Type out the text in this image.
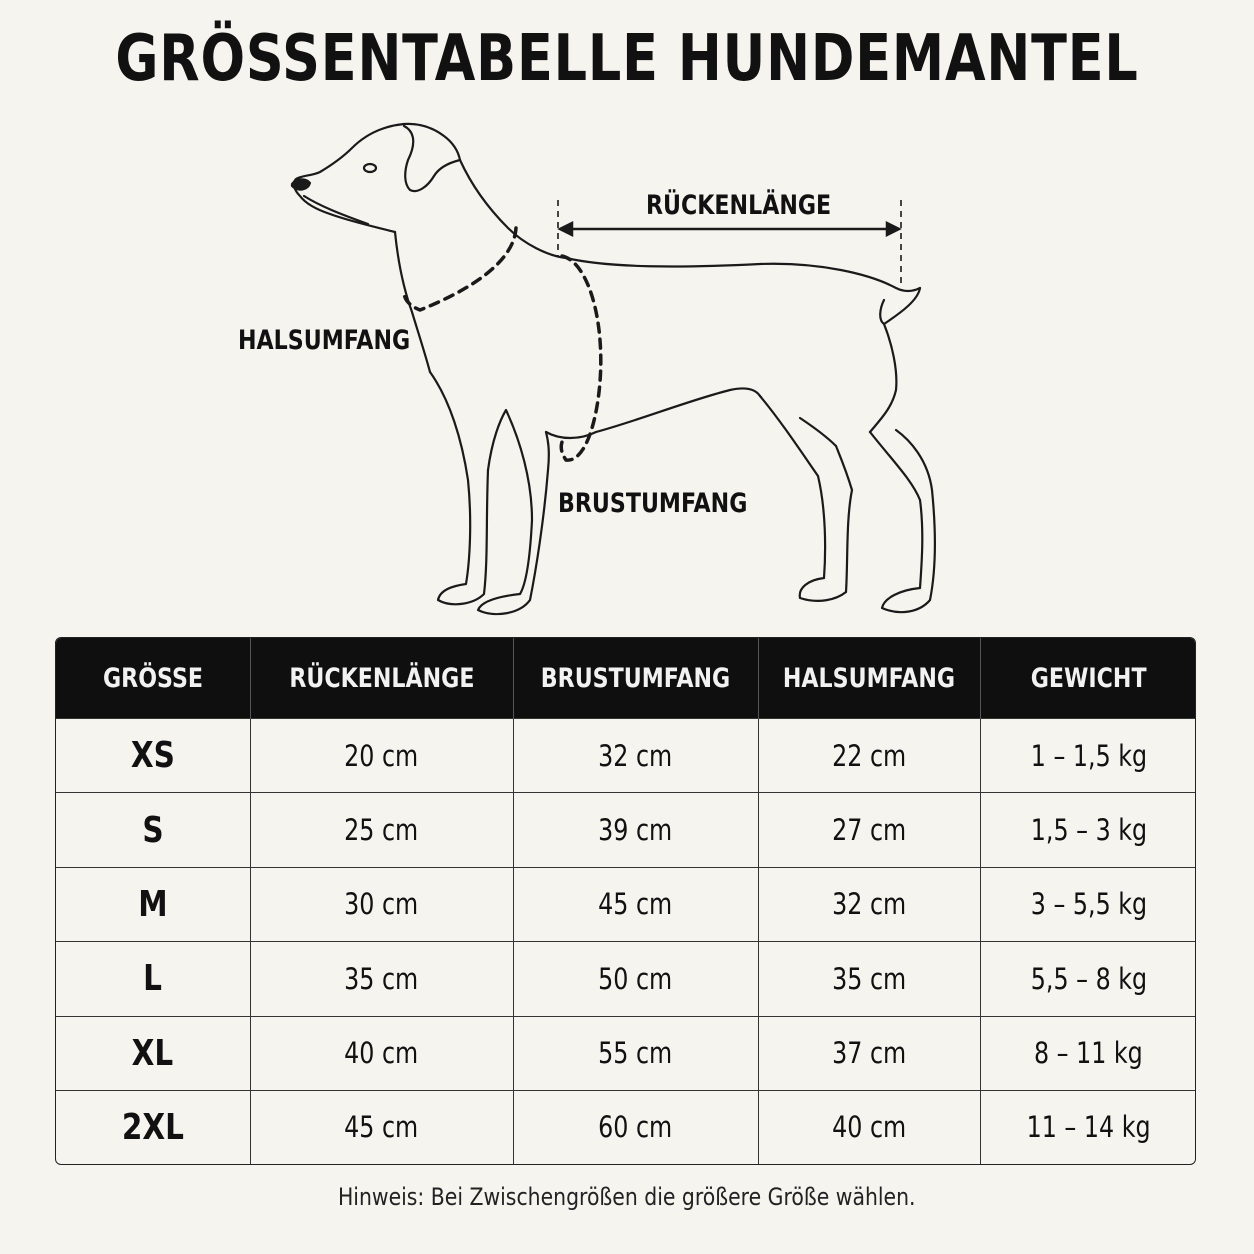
GRÖSSENTABELLE HUNDEMANTEL
RÜCKENLÄNGE
HALSUMFANG
BRUSTUMFANG
GRÖSSE	RÜCKENLÄNGE	BRUSTUMFANG	HALSUMFANG	GEWICHT
XS	20 cm	32 cm	22 cm	1 – 1,5 kg
S	25 cm	39 cm	27 cm	1,5 – 3 kg
M	30 cm	45 cm	32 cm	3 – 5,5 kg
L	35 cm	50 cm	35 cm	5,5 – 8 kg
XL	40 cm	55 cm	37 cm	8 – 11 kg
2XL	45 cm	60 cm	40 cm	11 – 14 kg
Hinweis: Bei Zwischengrößen die größere Größe wählen.
